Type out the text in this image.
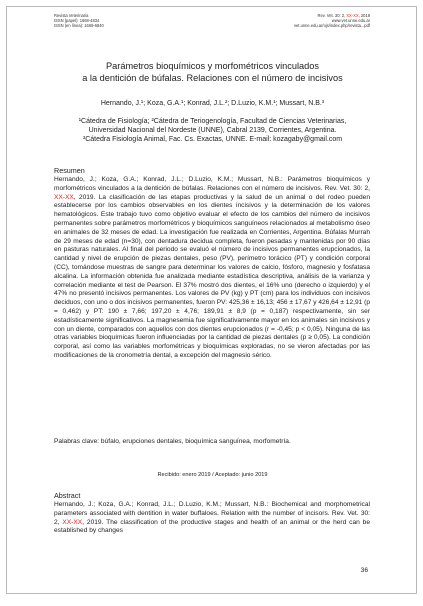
Revista Veterinaria
ISSN (papel): 1668-4834
ISSN (en línea): 1669-6840
Rev. Vet. 30: 2, XX-XX, 2019
www.vet.unne.edu.ar
vet.unne.edu.ar/ojs/index.php/revista...pdf
Parámetros bioquímicos y morfométricos vinculados
a la dentición de búfalas. Relaciones con el número de incisivos
Hernando, J.¹; Koza, G.A.¹; Konrad, J.L.²; D.Luzio, K.M.¹; Mussart, N.B.³
¹Cátedra de Fisiología; ²Cátedra de Teriogenología, Facultad de Ciencias Veterinarias,
Universidad Nacional del Nordeste (UNNE), Cabral 2139, Corrientes, Argentina.
³Cátedra Fisiología Animal, Fac. Cs. Exactas, UNNE. E-mail: kozagaby@gmail.com
Resumen
Hernando, J.; Koza, G.A.; Konrad, J.L.; D.Luzio, K.M.; Mussart, N.B.: Parámetros bioquímicos y morfométricos vinculados a la dentición de búfalas. Relaciones con el número de incisivos. Rev. Vet. 30: 2, XX-XX, 2019. La clasificación de las etapas productivas y la salud de un animal o del rodeo pueden establecerse por los cambios observables en los dientes incisivos y la determinación de los valores hematológicos. Este trabajo tuvo como objetivo evaluar el efecto de los cambios del número de incisivos permanentes sobre parámetros morfométricos y bioquímicos sanguíneos relacionados al metabolismo óseo en animales de 32 meses de edad. La investigación fue realizada en Corrientes, Argentina. Búfalas Murrah de 29 meses de edad (n=30), con dentadura decidua completa, fueron pesadas y mantenidas por 90 días en pasturas naturales. Al final del periodo se evaluó el número de incisivos permanentes erupcionados, la cantidad y nivel de erupción de piezas dentales, peso (PV), perímetro torácico (PT) y condición corporal (CC), tomándose muestras de sangre para determinar los valores de calcio, fósforo, magnesio y fosfatasa alcalina. La información obtenida fue analizada mediante estadística descriptiva, análisis de la varianza y correlación mediante el test de Pearson. El 37% mostró dos dientes, el 16% uno (derecho o izquierdo) y el 47% no presentó incisivos permanentes. Los valores de PV (kg) y PT (cm) para los individuos con incisivos deciduos, con uno o dos incisivos permanentes, fueron PV: 425,36 ± 16,13; 456 ± 17,67 y 426,64 ± 12,91 (p = 0,462) y PT: 190 ± 7,66; 197,20 ± 4,76; 189,91 ± 8,9 (p = 0,187) respectivamente, sin ser estadísticamente significativos. La magnesemia fue significativamente mayor en los animales sin incisivos y con un diente, comparados con aquellos con dos dientes erupcionados (r = -0,45; p < 0,05). Ninguna de las otras variables bioquímicas fueron influenciadas por la cantidad de piezas dentales (p ≥ 0,05). La condición corporal, así como las variables morfométricas y bioquímicas exploradas, no se vieron afectadas por las modificaciones de la cronometría dental, a excepción del magnesio sérico.
Palabras clave: búfalo, erupciones dentales, bioquímica sanguínea, morfometría.
Recibido: enero 2019 / Aceptado: junio 2019
Abstract
Hernando, J.; Koza, G.A.; Konrad, J.L.; D.Luzio, K.M.; Mussart, N.B.: Biochemical and morphometrical parameters associated with dentition in water buffaloes. Relation with the number of incisors. Rev. Vet. 30: 2, XX-XX, 2019. The classification of the productive stages and health of an animal or the herd can be established by changes
36
